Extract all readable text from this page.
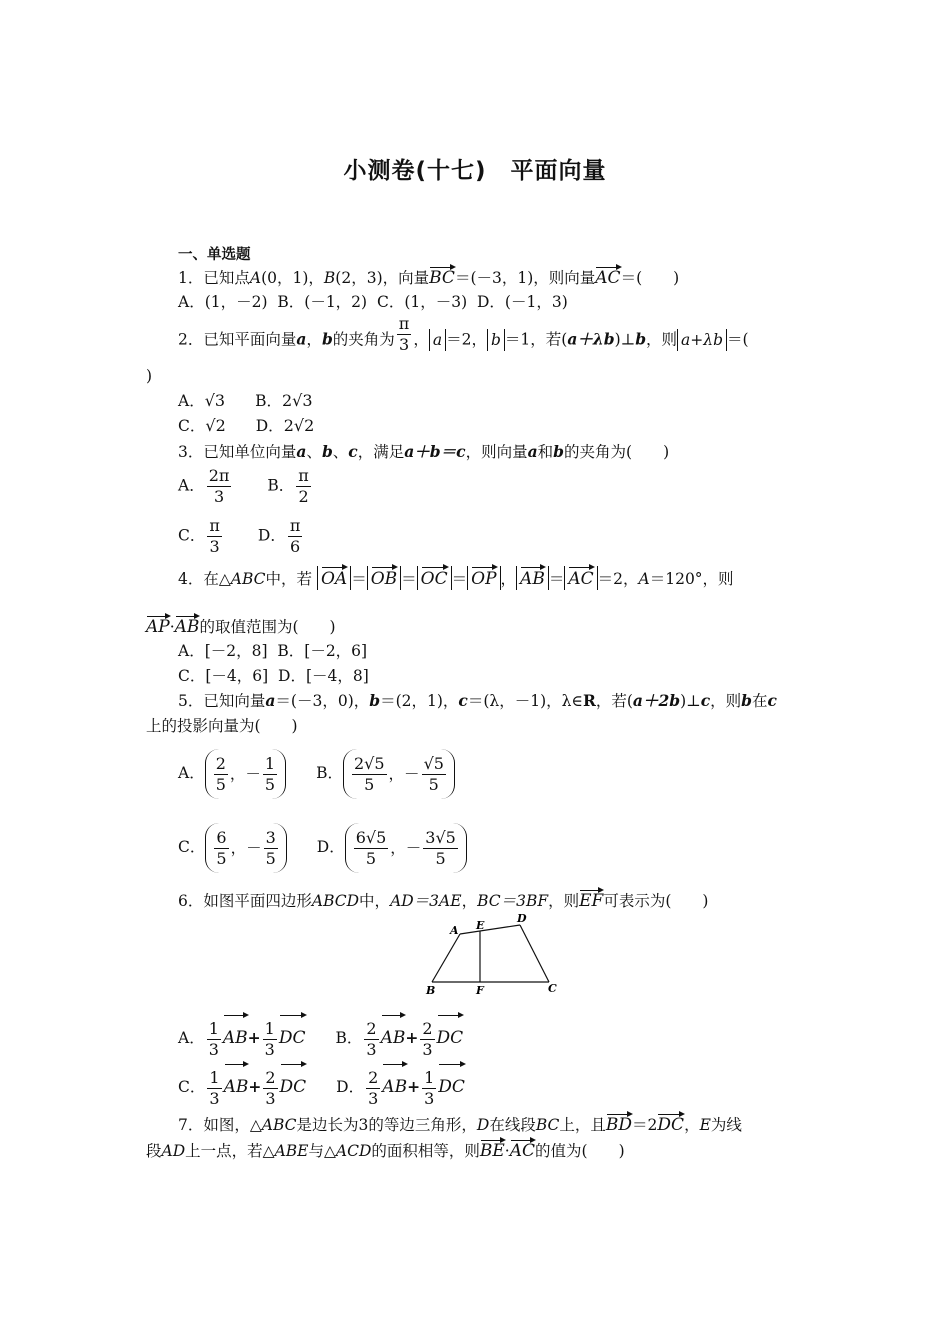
小测卷(十七)　平面向量
一、单选题
1．已知点A(0，1)，B(2，3)，向量BC＝(－3，1)，则向量AC＝(　　)
A．(1，－2) B．(－1，2) C．(1，－3) D．(－1，3)
2．已知平面向量a，b的夹角为 $\frac{\pi}{3}$ ， a ＝2， b ＝1，若(a＋λb)⊥b，则 a+λb ＝(
)
A．√3 B．2√3
C．√2 D．2√2
3．已知单位向量a、b、c，满足a＋b＝c，则向量a和b的夹角为(　　)
A． $\frac{2\pi}{3}$ B． $\frac{\pi}{2}$
C． $\frac{\pi}{3}$ D． $\frac{\pi}{6}$
4．在△ABC中，若 OA ＝ OB ＝ OC ＝ OP ， AB ＝ AC ＝2，A＝120°，则
AP·AB的取值范围为(　　)
A．[－2，8] B．[－2，6]
C．[－4，6] D．[－4，8]
5．已知向量a＝(－3，0)，b＝(2，1)，c＝(λ，－1)，λ∈R，若(a＋2b)⊥c，则b在c
上的投影向量为(　　)
A． $\frac{2}{5}$ ，－ $\frac{1}{5}$	B． $\frac{2√5}{5}$ ，－ $\frac{√5}{5}$
C． $\frac{6}{5}$ ，－ $\frac{3}{5}$	D． $\frac{6√5}{5}$ ，－ $\frac{3√5}{5}$
6．如图平面四边形ABCD中，AD＝3AE，BC＝3BF，则EF可表示为(　　)
A E
D
B	F	C
A． $\frac{1}{3} AB+ \frac{1}{3}$ DC B． $\frac{2}{3} AB+ \frac{2}{3}$ DC
C． $\frac{1}{3} AB+ \frac{2}{3}$ DC D． $\frac{2}{3} AB+ \frac{1}{3}$ DC
7．如图，△ABC是边长为3的等边三角形，D在线段BC上，且BD＝2DC，E为线
段AD上一点，若△ABE与△ACD的面积相等，则BE·AC的值为(　　)
